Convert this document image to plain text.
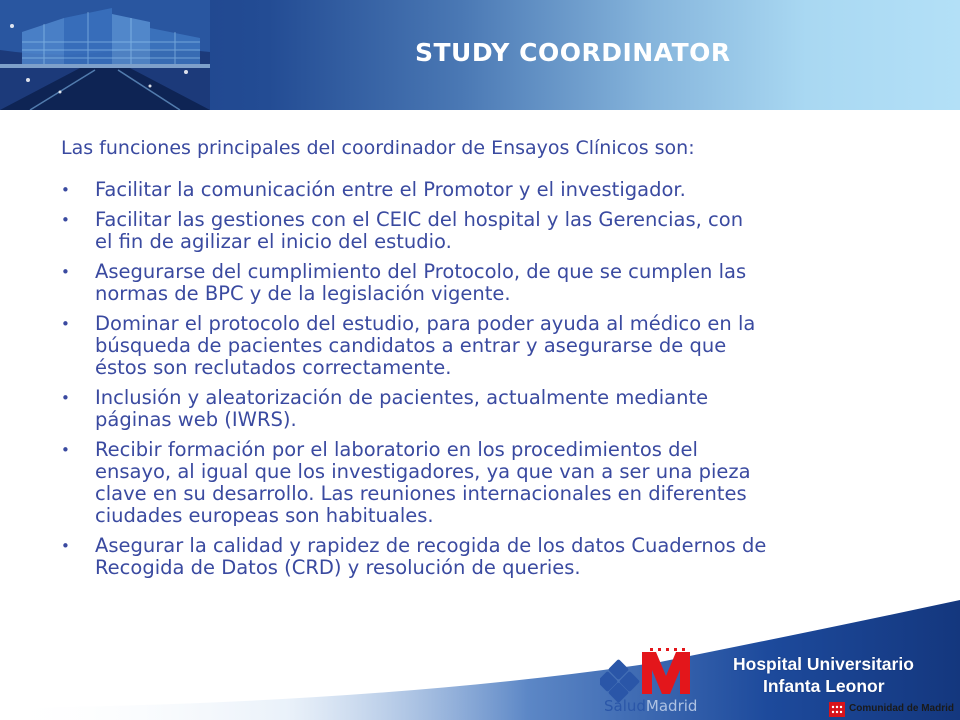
STUDY COORDINATOR

Las funciones principales del coordinador de Ensayos Clínicos son:

• Facilitar la comunicación entre el Promotor y el investigador.
• Facilitar las gestiones con el CEIC del hospital y las Gerencias, con
el fin de agilizar el inicio del estudio.
• Asegurarse del cumplimiento del Protocolo, de que se cumplen las
normas de BPC y de la legislación vigente.
• Dominar el protocolo del estudio, para poder ayuda al médico en la
búsqueda de pacientes candidatos a entrar y asegurarse de que
éstos son reclutados correctamente.
• Inclusión y aleatorización de pacientes, actualmente mediante
páginas web (IWRS).
• Recibir formación por el laboratorio en los procedimientos del
ensayo, al igual que los investigadores, ya que van a ser una pieza
clave en su desarrollo. Las reuniones internacionales en diferentes
ciudades europeas son habituales.
• Asegurar la calidad y rapidez de recogida de los datos Cuadernos de
Recogida de Datos (CRD) y resolución de queries.
SaludMadrid
Hospital Universitario
Infanta Leonor
Comunidad de Madrid
